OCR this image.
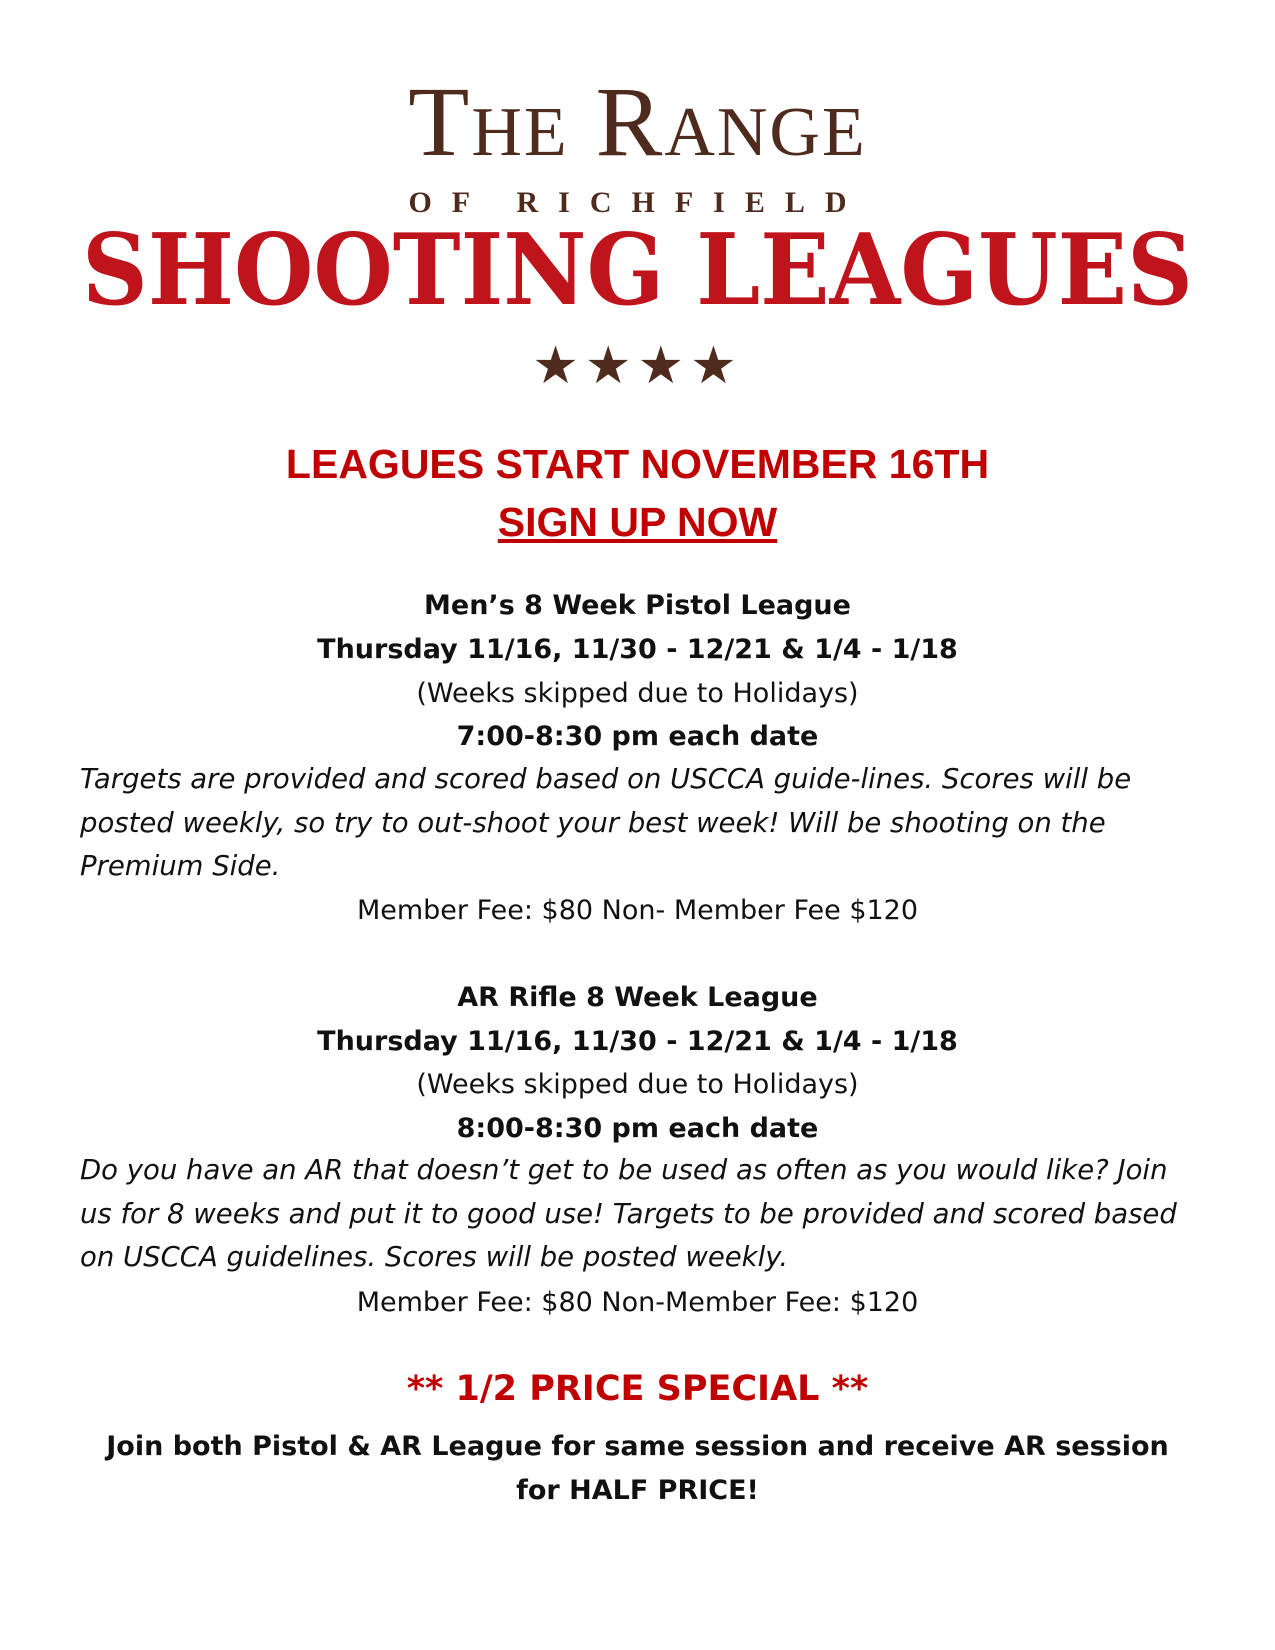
The Range
OF RICHFIELD
SHOOTING LEAGUES
★★★★
LEAGUES START NOVEMBER 16TH
SIGN UP NOW
Men’s 8 Week Pistol League
Thursday 11/16, 11/30 - 12/21 & 1/4 - 1/18
(Weeks skipped due to Holidays)
7:00-8:30 pm each date
Targets are provided and scored based on USCCA guide-lines. Scores will be posted weekly, so try to out-shoot your best week! Will be shooting on the Premium Side.
Member Fee: $80 Non- Member Fee $120
AR Rifle 8 Week League
Thursday 11/16, 11/30 - 12/21 & 1/4 - 1/18
(Weeks skipped due to Holidays)
8:00-8:30 pm each date
Do you have an AR that doesn’t get to be used as often as you would like? Join us for 8 weeks and put it to good use! Targets to be provided and scored based on USCCA guidelines. Scores will be posted weekly.
Member Fee: $80 Non-Member Fee: $120
** 1/2 PRICE SPECIAL **
Join both Pistol & AR League for same session and receive AR session for HALF PRICE!
